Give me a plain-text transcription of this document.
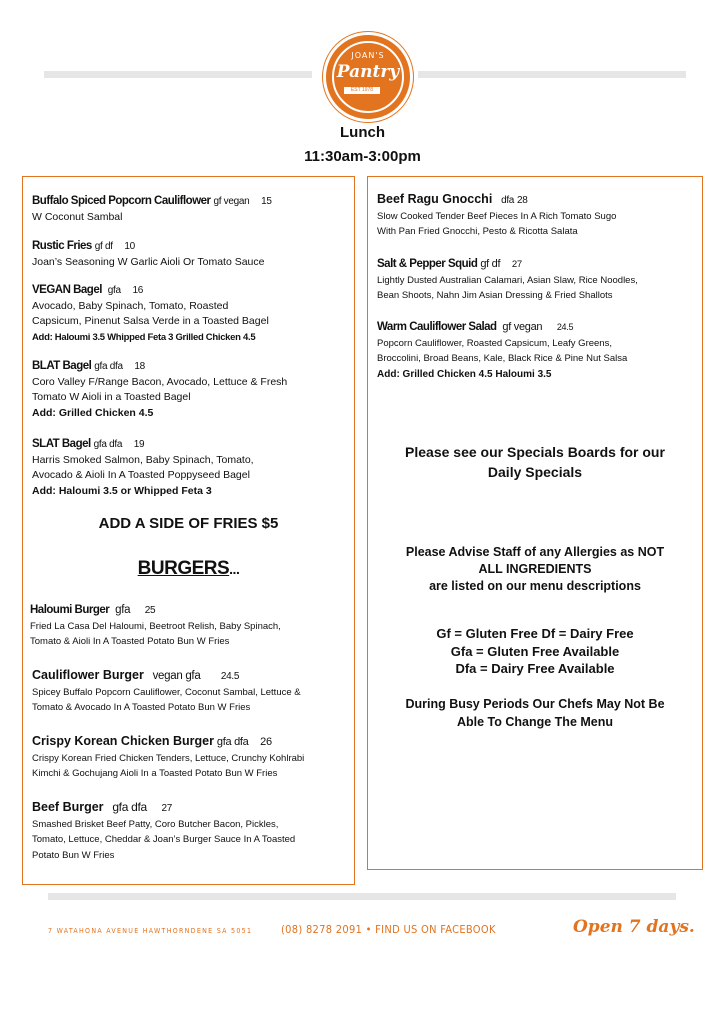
JOAN'S
Pantry
EST 1978
Lunch
11:30am-3:00pm
Buffalo Spiced Popcorn Cauliflower gf vegan 15
W Coconut Sambal
Rustic Fries gf df 10
Joan’s Seasoning W Garlic Aioli Or Tomato Sauce
VEGAN Bagel gfa 16
Avocado, Baby Spinach, Tomato, Roasted
Capsicum, Pinenut Salsa Verde in a Toasted Bagel
Add: Haloumi 3.5 Whipped Feta 3 Grilled Chicken 4.5
BLAT Bagel gfa dfa 18
Coro Valley F/Range Bacon, Avocado, Lettuce & Fresh
Tomato W Aioli in a Toasted Bagel
Add: Grilled Chicken 4.5
SLAT Bagel gfa dfa 19
Harris Smoked Salmon, Baby Spinach, Tomato,
Avocado & Aioli In A Toasted Poppyseed Bagel
Add: Haloumi 3.5 or Whipped Feta 3
ADD A SIDE OF FRIES $5
BURGERS...
Haloumi Burger gfa 25
Fried La Casa Del Haloumi, Beetroot Relish, Baby Spinach,
Tomato & Aioli In A Toasted Potato Bun W Fries
Cauliflower Burger vegan gfa 24.5
Spicey Buffalo Popcorn Cauliflower, Coconut Sambal, Lettuce &
Tomato & Avocado In A Toasted Potato Bun W Fries
Crispy Korean Chicken Burger gfa dfa 26
Crispy Korean Fried Chicken Tenders, Lettuce, Crunchy Kohlrabi
Kimchi & Gochujang Aioli In a Toasted Potato Bun W Fries
Beef Burger gfa dfa 27
Smashed Brisket Beef Patty, Coro Butcher Bacon, Pickles,
Tomato, Lettuce, Cheddar & Joan’s Burger Sauce In A Toasted
Potato Bun W Fries
Beef Ragu Gnocchi dfa 28
Slow Cooked Tender Beef Pieces In A Rich Tomato Sugo
With Pan Fried Gnocchi, Pesto & Ricotta Salata
Salt & Pepper Squid gf df 27
Lightly Dusted Australian Calamari, Asian Slaw, Rice Noodles,
Bean Shoots, Nahn Jim Asian Dressing & Fried Shallots
Warm Cauliflower Salad gf vegan 24.5
Popcorn Cauliflower, Roasted Capsicum, Leafy Greens,
Broccolini, Broad Beans, Kale, Black Rice & Pine Nut Salsa
Add: Grilled Chicken 4.5 Haloumi 3.5
Please see our Specials Boards for our
Daily Specials
Please Advise Staff of any Allergies as NOT
ALL INGREDIENTS
are listed on our menu descriptions
Gf = Gluten Free Df = Dairy Free
Gfa = Gluten Free Available
Dfa = Dairy Free Available
During Busy Periods Our Chefs May Not Be
Able To Change The Menu
7 WATAHONA AVENUE HAWTHORNDENE SA 5051	(08) 8278 2091 • FIND US ON FACEBOOK	Open 7 days.
